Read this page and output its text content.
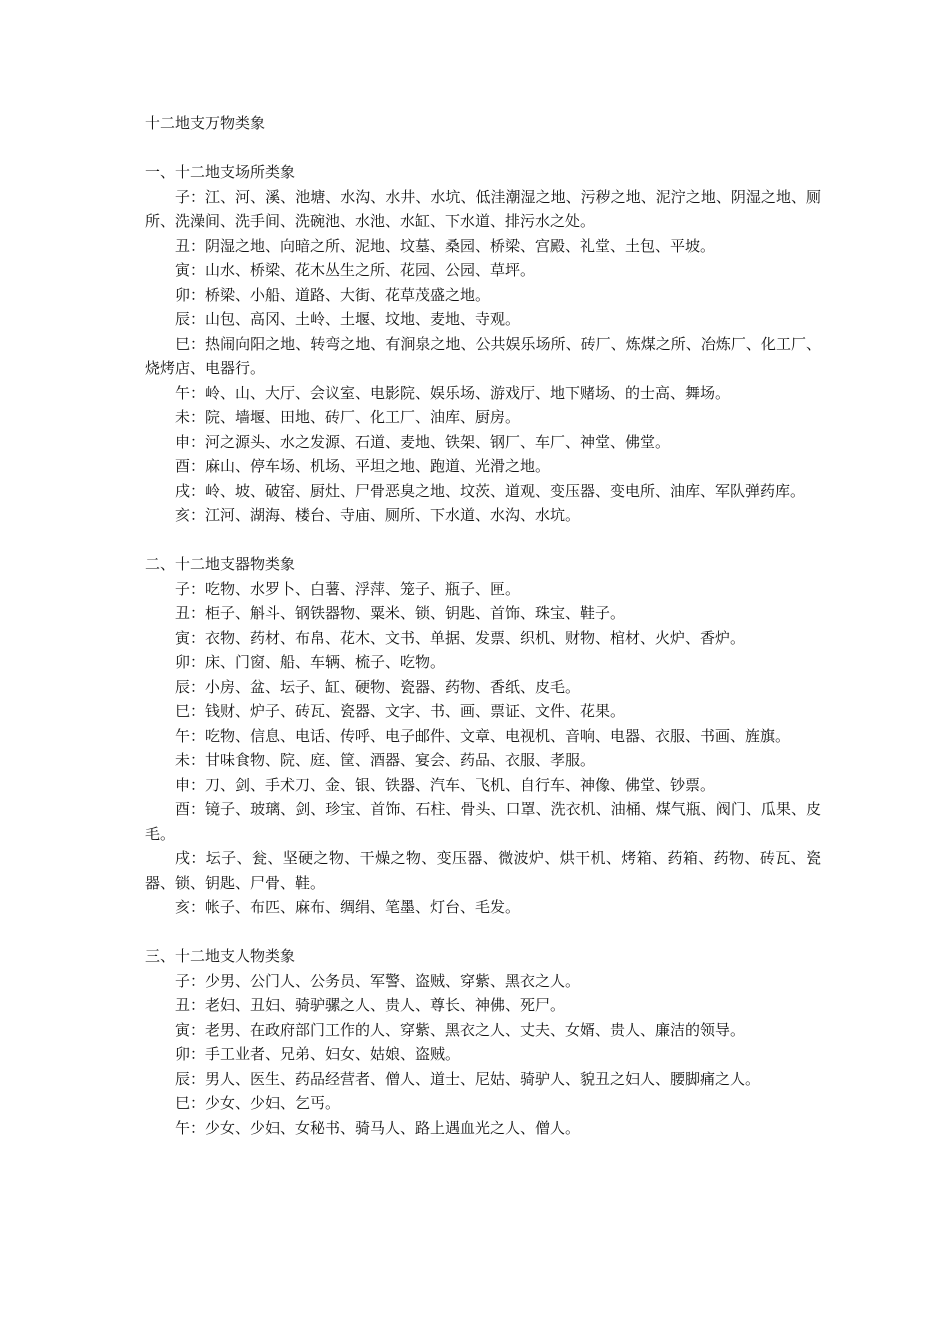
十二地支万物类象
一、十二地支场所类象
子：江、河、溪、池塘、水沟、水井、水坑、低洼潮湿之地、污秽之地、泥泞之地、阴湿之地、厕所、洗澡间、洗手间、洗碗池、水池、水缸、下水道、排污水之处。
丑：阴湿之地、向暗之所、泥地、坟墓、桑园、桥梁、宫殿、礼堂、土包、平坡。
寅：山水、桥梁、花木丛生之所、花园、公园、草坪。
卯：桥梁、小船、道路、大街、花草茂盛之地。
辰：山包、高冈、土岭、土堰、坟地、麦地、寺观。
巳：热闹向阳之地、转弯之地、有涧泉之地、公共娱乐场所、砖厂、炼煤之所、冶炼厂、化工厂、烧烤店、电器行。
午：岭、山、大厅、会议室、电影院、娱乐场、游戏厅、地下赌场、的士高、舞场。
未：院、墙堰、田地、砖厂、化工厂、油库、厨房。
申：河之源头、水之发源、石道、麦地、铁架、钢厂、车厂、神堂、佛堂。
酉：麻山、停车场、机场、平坦之地、跑道、光滑之地。
戌：岭、坡、破窑、厨灶、尸骨恶臭之地、坟茨、道观、变压器、变电所、油库、军队弹药库。
亥：江河、湖海、楼台、寺庙、厕所、下水道、水沟、水坑。
二、十二地支器物类象
子：吃物、水罗卜、白薯、浮萍、笼子、瓶子、匣。
丑：柜子、斛斗、钢铁器物、粟米、锁、钥匙、首饰、珠宝、鞋子。
寅：衣物、药材、布帛、花木、文书、单据、发票、织机、财物、棺材、火炉、香炉。
卯：床、门窗、船、车辆、梳子、吃物。
辰：小房、盆、坛子、缸、硬物、瓷器、药物、香纸、皮毛。
巳：钱财、炉子、砖瓦、瓷器、文字、书、画、票证、文件、花果。
午：吃物、信息、电话、传呼、电子邮件、文章、电视机、音响、电器、衣服、书画、旌旗。
未：甘味食物、院、庭、筐、酒器、宴会、药品、衣服、孝服。
申：刀、剑、手术刀、金、银、铁器、汽车、飞机、自行车、神像、佛堂、钞票。
酉：镜子、玻璃、剑、珍宝、首饰、石柱、骨头、口罩、洗衣机、油桶、煤气瓶、阀门、瓜果、皮毛。
戌：坛子、瓮、坚硬之物、干燥之物、变压器、微波炉、烘干机、烤箱、药箱、药物、砖瓦、瓷器、锁、钥匙、尸骨、鞋。
亥：帐子、布匹、麻布、绸绢、笔墨、灯台、毛发。
三、十二地支人物类象
子：少男、公门人、公务员、军警、盗贼、穿紫、黑衣之人。
丑：老妇、丑妇、骑驴骡之人、贵人、尊长、神佛、死尸。
寅：老男、在政府部门工作的人、穿紫、黑衣之人、丈夫、女婿、贵人、廉洁的领导。
卯：手工业者、兄弟、妇女、姑娘、盗贼。
辰：男人、医生、药品经营者、僧人、道士、尼姑、骑驴人、貌丑之妇人、腰脚痛之人。
巳：少女、少妇、乞丐。
午：少女、少妇、女秘书、骑马人、路上遇血光之人、僧人。
